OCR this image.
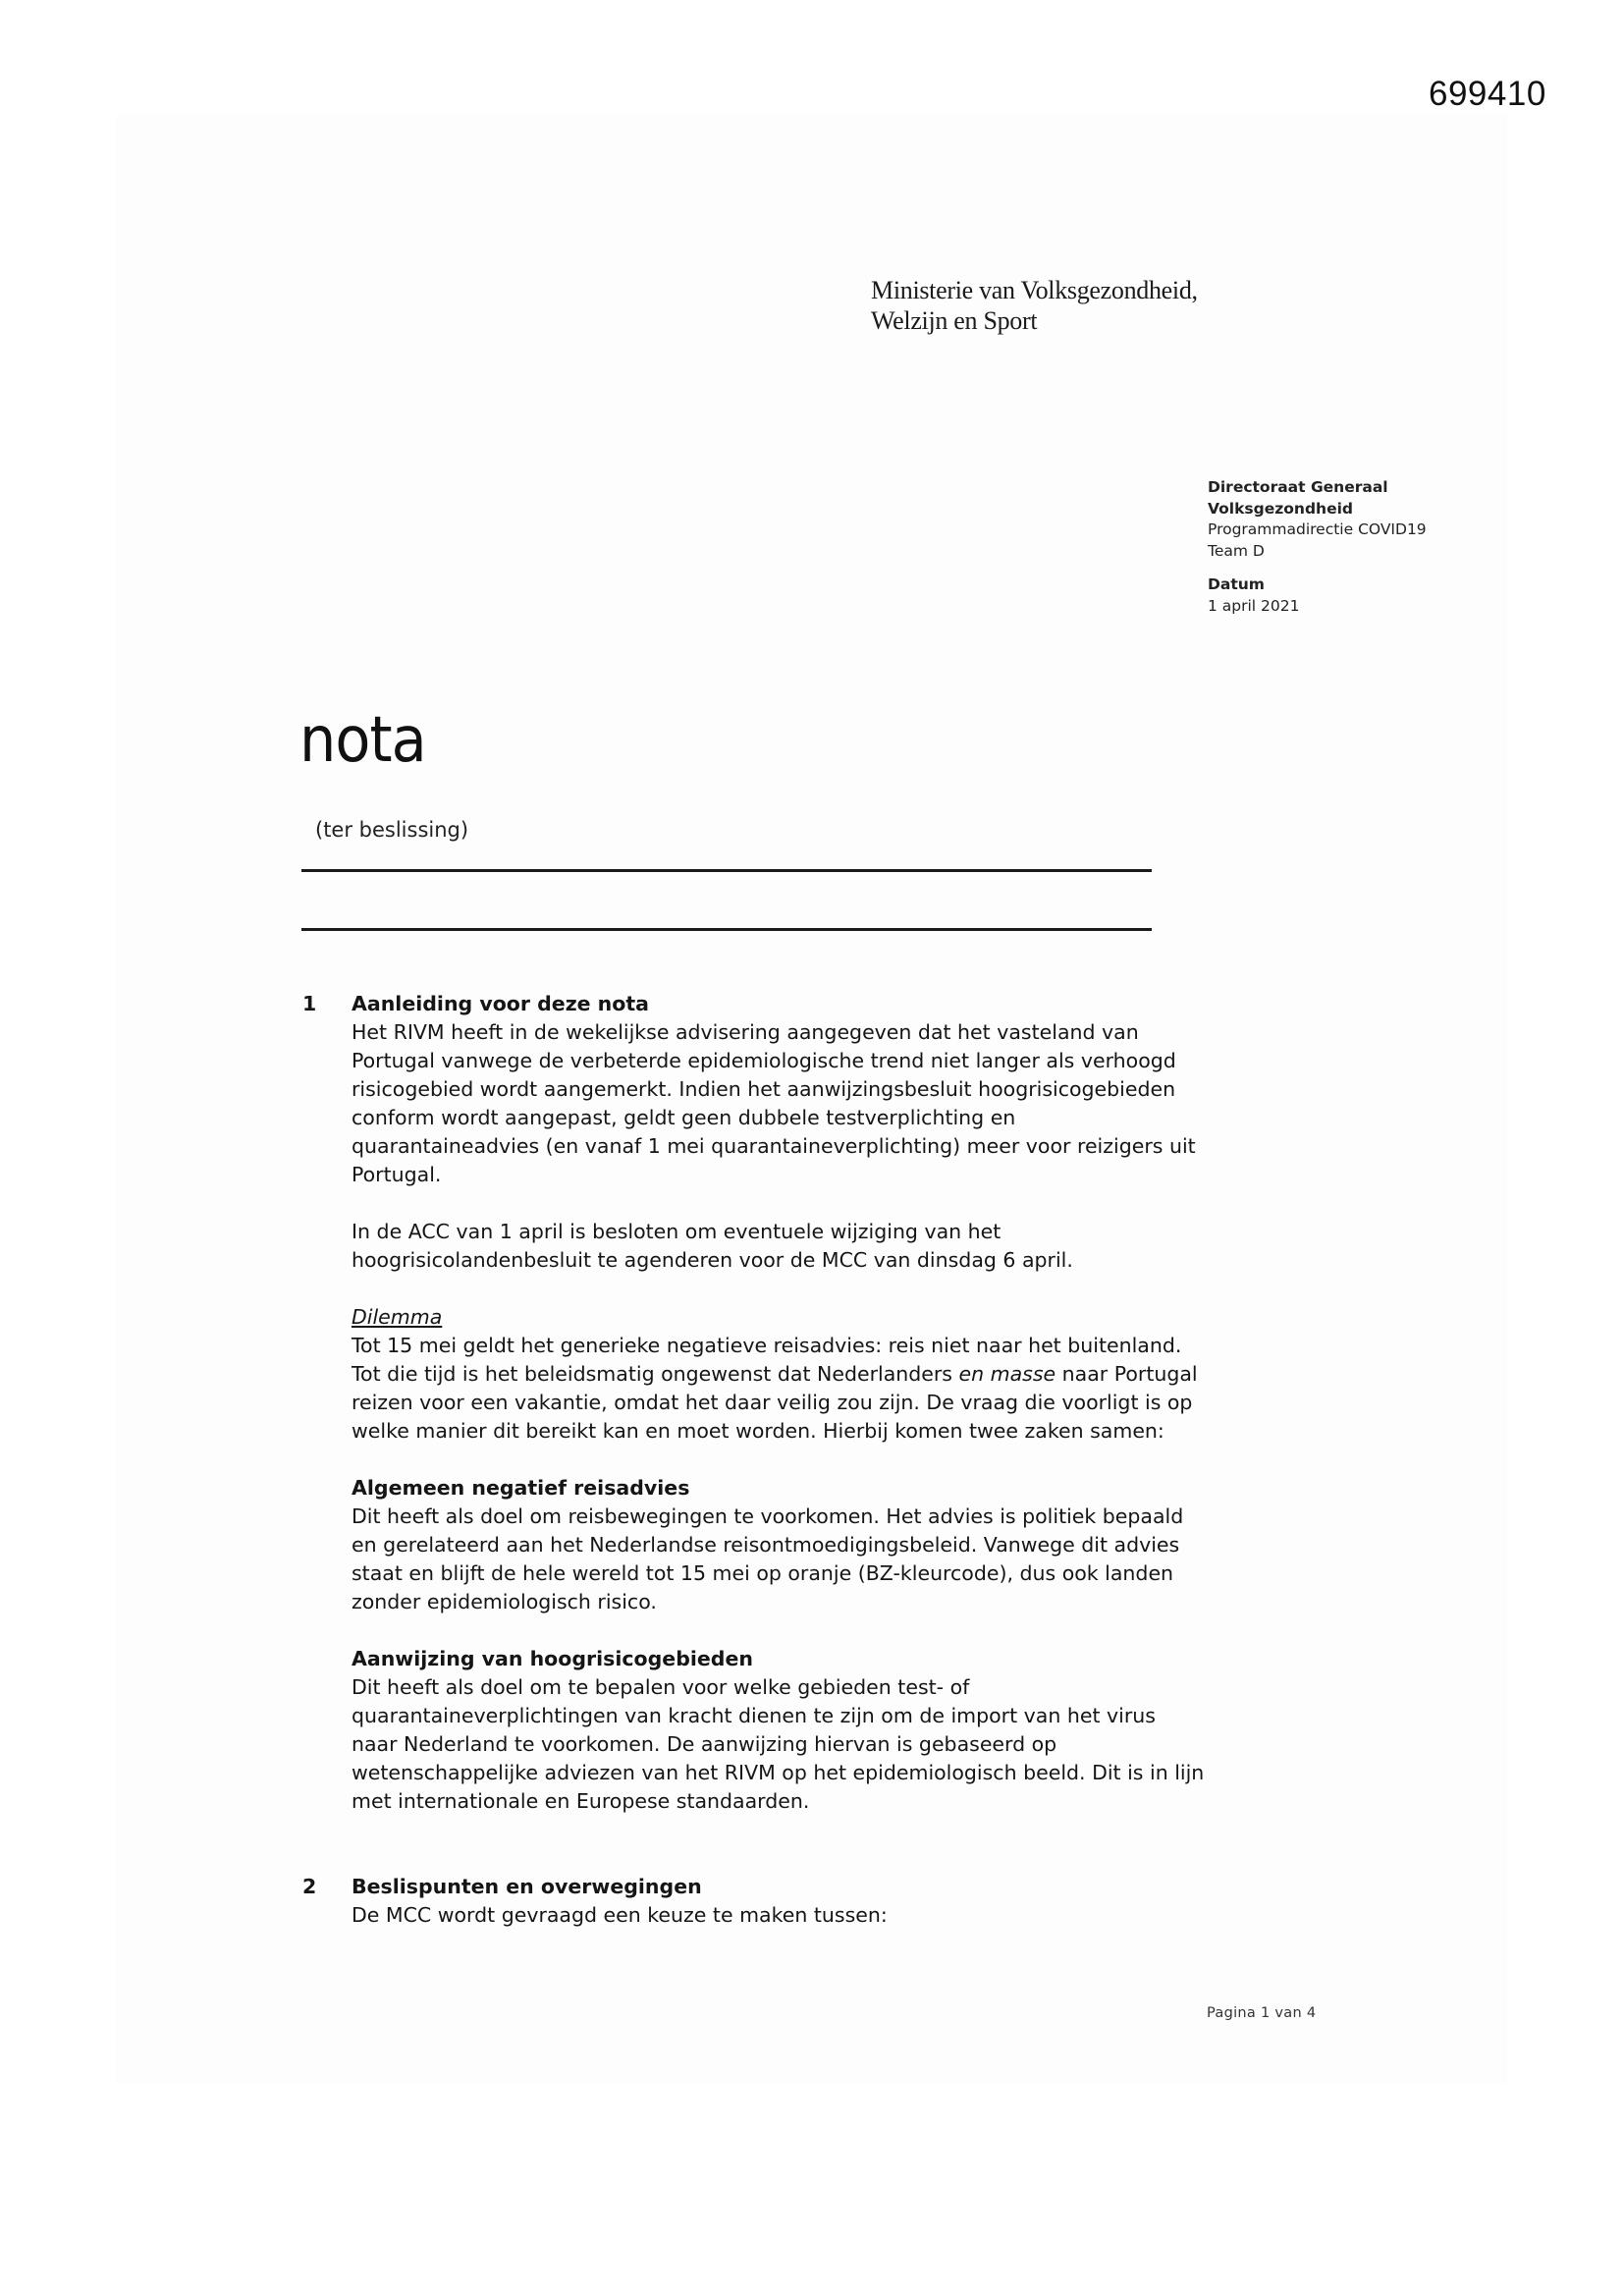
699410
Ministerie van Volksgezondheid,
Welzijn en Sport
Directoraat Generaal
Volksgezondheid
Programmadirectie COVID19
Team D
Datum
1 april 2021
nota
(ter beslissing)
1 Aanleiding voor deze nota

Het RIVM heeft in de wekelijkse advisering aangegeven dat het vasteland van Portugal vanwege de verbeterde epidemiologische trend niet langer als verhoogd risicogebied wordt aangemerkt. Indien het aanwijzingsbesluit hoogrisicogebieden conform wordt aangepast, geldt geen dubbele testverplichting en quarantaineadvies (en vanaf 1 mei quarantaineverplichting) meer voor reizigers uit Portugal.

In de ACC van 1 april is besloten om eventuele wijziging van het hoogrisicolandenbesluit te agenderen voor de MCC van dinsdag 6 april.

Dilemma

Tot 15 mei geldt het generieke negatieve reisadvies: reis niet naar het buitenland. Tot die tijd is het beleidsmatig ongewenst dat Nederlanders en masse naar Portugal reizen voor een vakantie, omdat het daar veilig zou zijn. De vraag die voorligt is op welke manier dit bereikt kan en moet worden. Hierbij komen twee zaken samen:

Algemeen negatief reisadvies

Dit heeft als doel om reisbewegingen te voorkomen. Het advies is politiek bepaald en gerelateerd aan het Nederlandse reisontmoedigingsbeleid. Vanwege dit advies staat en blijft de hele wereld tot 15 mei op oranje (BZ-kleurcode), dus ook landen zonder epidemiologisch risico.

Aanwijzing van hoogrisicogebieden

Dit heeft als doel om te bepalen voor welke gebieden test- of quarantaineverplichtingen van kracht dienen te zijn om de import van het virus naar Nederland te voorkomen. De aanwijzing hiervan is gebaseerd op wetenschappelijke adviezen van het RIVM op het epidemiologisch beeld. Dit is in lijn met internationale en Europese standaarden.

2 Beslispunten en overwegingen

De MCC wordt gevraagd een keuze te maken tussen:

Pagina 1 van 4
